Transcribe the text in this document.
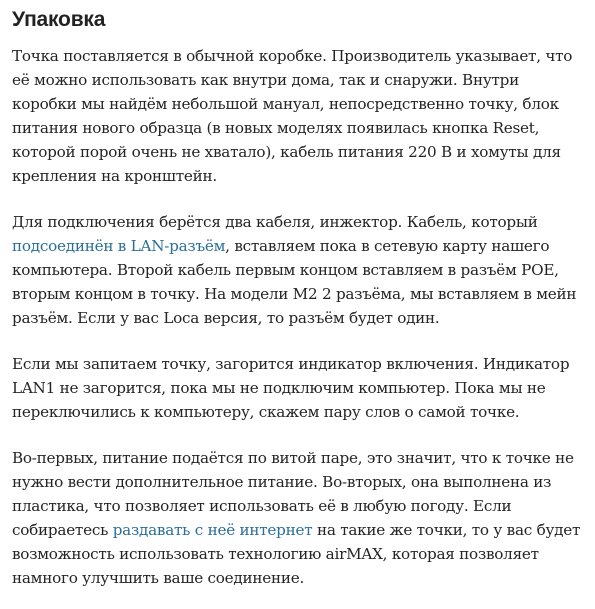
Упаковка

Точка поставляется в обычной коробке. Производитель указывает, что её можно использовать как внутри дома, так и снаружи. Внутри коробки мы найдём небольшой мануал, непосредственно точку, блок питания нового образца (в новых моделях появилась кнопка Reset, которой порой очень не хватало), кабель питания 220 В и хомуты для крепления на кронштейн.

Для подключения берётся два кабеля, инжектор. Кабель, который подсоединён в LAN-разъём, вставляем пока в сетевую карту нашего компьютера. Второй кабель первым концом вставляем в разъём POE, вторым концом в точку. На модели M2 2 разъёма, мы вставляем в мейн разъём. Если у вас Loca версия, то разъём будет один.

Если мы запитаем точку, загорится индикатор включения. Индикатор LAN1 не загорится, пока мы не подключим компьютер. Пока мы не переключились к компьютеру, скажем пару слов о самой точке.

Во-первых, питание подаётся по витой паре, это значит, что к точке не нужно вести дополнительное питание. Во-вторых, она выполнена из пластика, что позволяет использовать её в любую погоду. Если собираетесь раздавать с неё интернет на такие же точки, то у вас будет возможность использовать технологию airMAX, которая позволяет намного улучшить ваше соединение.
